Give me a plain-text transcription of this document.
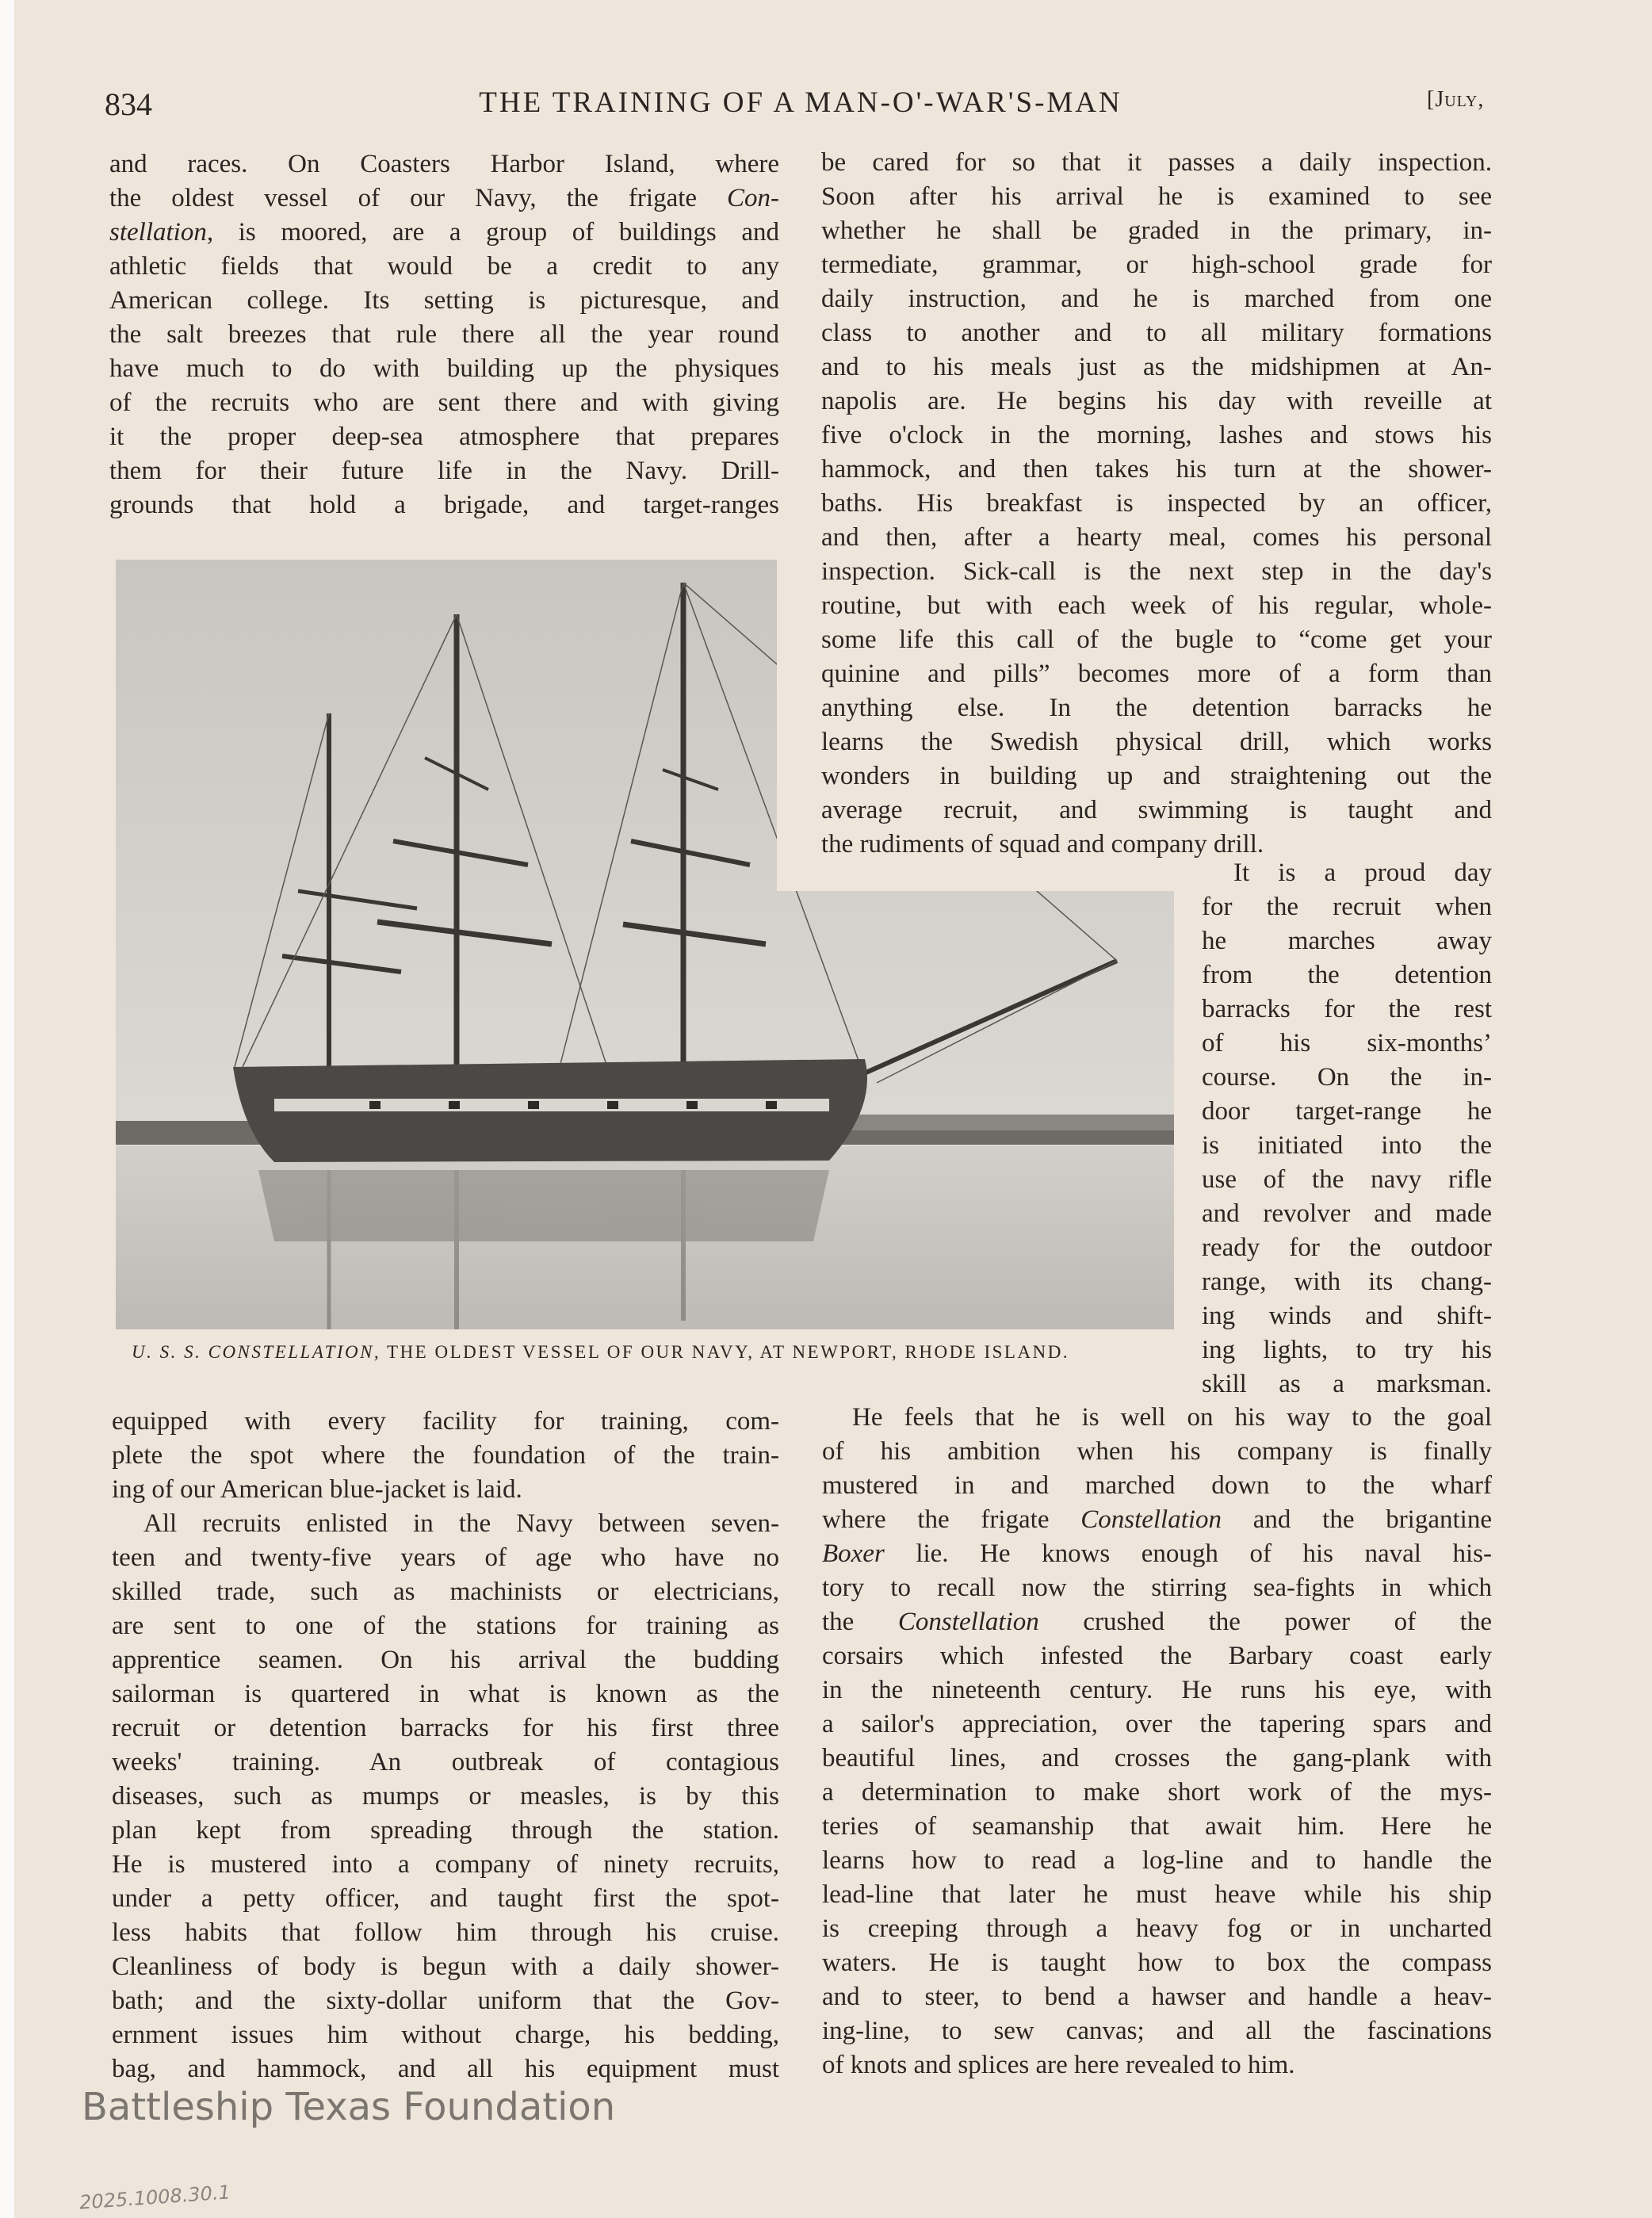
834	THE TRAINING OF A MAN-O'-WAR'S-MAN	[July,
and races. On Coasters Harbor Island, where
the oldest vessel of our Navy, the frigate Con-
stellation, is moored, are a group of buildings and
athletic fields that would be a credit to any
American college. Its setting is picturesque, and
the salt breezes that rule there all the year round
have much to do with building up the physiques
of the recruits who are sent there and with giving
it the proper deep-sea atmosphere that prepares
them for their future life in the Navy. Drill-
grounds that hold a brigade, and target-ranges
be cared for so that it passes a daily inspection.
Soon after his arrival he is examined to see
whether he shall be graded in the primary, in-
termediate, grammar, or high-school grade for
daily instruction, and he is marched from one
class to another and to all military formations
and to his meals just as the midshipmen at An-
napolis are. He begins his day with reveille at
five o'clock in the morning, lashes and stows his
hammock, and then takes his turn at the shower-
baths. His breakfast is inspected by an officer,
and then, after a hearty meal, comes his personal
inspection. Sick-call is the next step in the day's
routine, but with each week of his regular, whole-
some life this call of the bugle to “come get your
quinine and pills” becomes more of a form than
anything else. In the detention barracks he
learns the Swedish physical drill, which works
wonders in building up and straightening out the
average recruit, and swimming is taught and
the rudiments of squad and company drill.
It is a proud day
for the recruit when
he marches away
from the detention
barracks for the rest
of his six-months’
course. On the in-
door target-range he
is initiated into the
use of the navy rifle
and revolver and made
ready for the outdoor
range, with its chang-
ing winds and shift-
ing lights, to try his
skill as a marksman.
equipped with every facility for training, com-
plete the spot where the foundation of the train-
ing of our American blue-jacket is laid.
All recruits enlisted in the Navy between seven-
teen and twenty-five years of age who have no
skilled trade, such as machinists or electricians,
are sent to one of the stations for training as
apprentice seamen. On his arrival the budding
sailorman is quartered in what is known as the
recruit or detention barracks for his first three
weeks' training. An outbreak of contagious
diseases, such as mumps or measles, is by this
plan kept from spreading through the station.
He is mustered into a company of ninety recruits,
under a petty officer, and taught first the spot-
less habits that follow him through his cruise.
Cleanliness of body is begun with a daily shower-
bath; and the sixty-dollar uniform that the Gov-
ernment issues him without charge, his bedding,
bag, and hammock, and all his equipment must
He feels that he is well on his way to the goal
of his ambition when his company is finally
mustered in and marched down to the wharf
where the frigate Constellation and the brigantine
Boxer lie. He knows enough of his naval his-
tory to recall now the stirring sea-fights in which
the Constellation crushed the power of the
corsairs which infested the Barbary coast early
in the nineteenth century. He runs his eye, with
a sailor's appreciation, over the tapering spars and
beautiful lines, and crosses the gang-plank with
a determination to make short work of the mys-
teries of seamanship that await him. Here he
learns how to read a log-line and to handle the
lead-line that later he must heave while his ship
is creeping through a heavy fog or in uncharted
waters. He is taught how to box the compass
and to steer, to bend a hawser and handle a heav-
ing-line, to sew canvas; and all the fascinations
of knots and splices are here revealed to him.
U. S. S. CONSTELLATION, THE OLDEST VESSEL OF OUR NAVY, AT NEWPORT, RHODE ISLAND.
Battleship Texas Foundation
2025.1008.30.1
